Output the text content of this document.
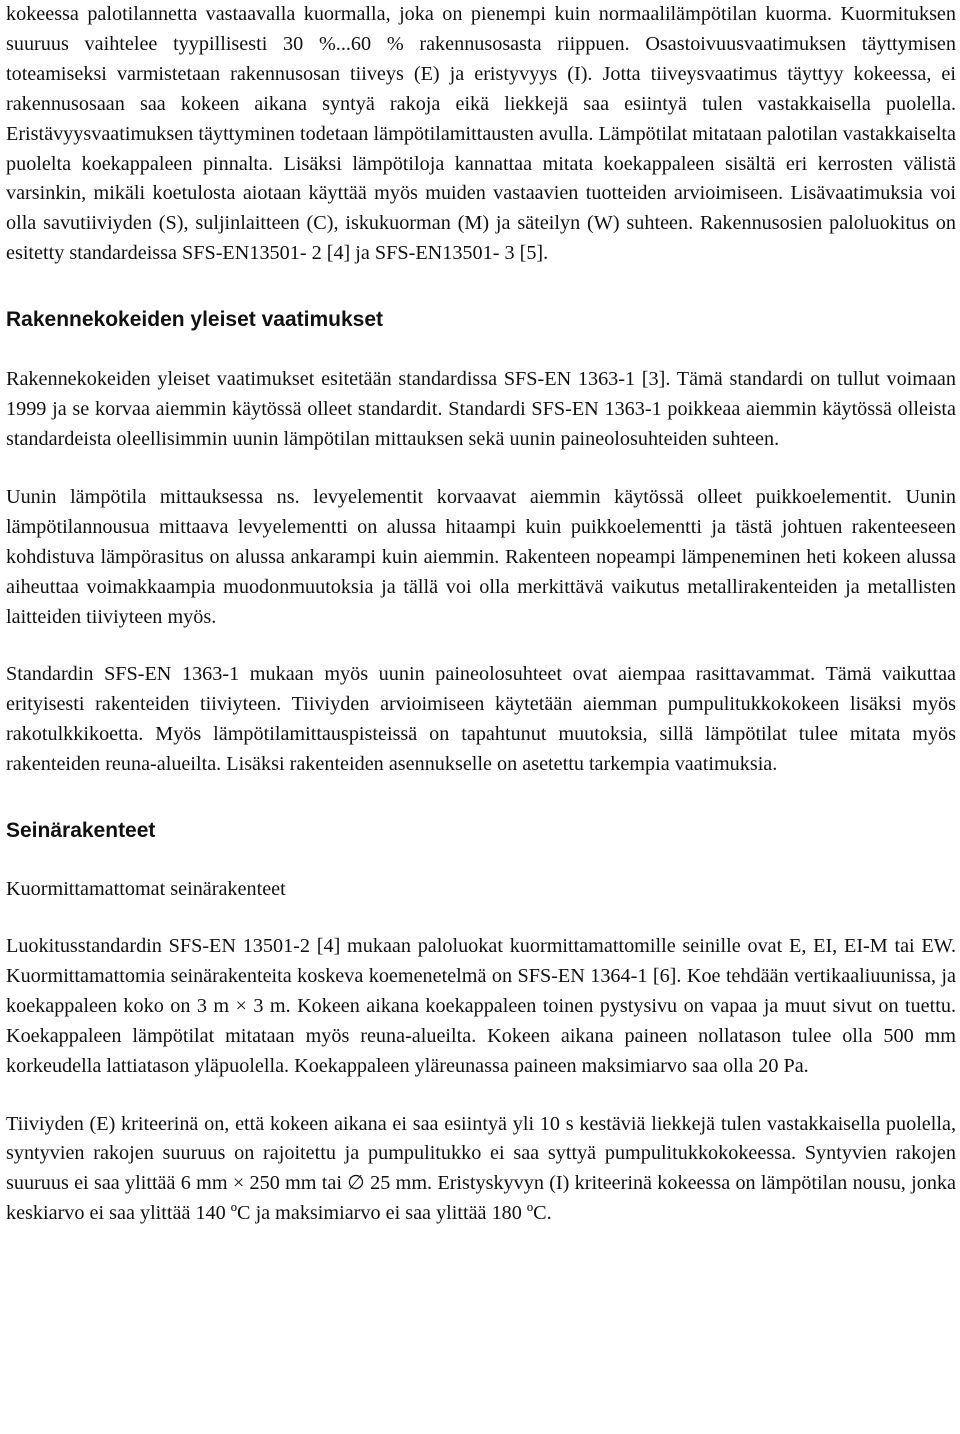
kokeessa palotilannetta vastaavalla kuormalla, joka on pienempi kuin normaalilämpötilan kuorma. Kuormituksen suuruus vaihtelee tyypillisesti 30 %...60 % rakennusosasta riippuen. Osastoivuusvaatimuksen täyttymisen toteamiseksi varmistetaan rakennusosan tiiveys (E) ja eristyvyys (I). Jotta tiiveysvaatimus täyttyy kokeessa, ei rakennusosaan saa kokeen aikana syntyä rakoja eikä liekkejä saa esiintyä tulen vastakkaisella puolella. Eristävyysvaatimuksen täyttyminen todetaan lämpötilamittausten avulla. Lämpötilat mitataan palotilan vastakkaiselta puolelta koekappaleen pinnalta. Lisäksi lämpötiloja kannattaa mitata koekappaleen sisältä eri kerrosten välistä varsinkin, mikäli koetulosta aiotaan käyttää myös muiden vastaavien tuotteiden arvioimiseen. Lisävaatimuksia voi olla savutiiviyden (S), suljinlaitteen (C), iskukuorman (M) ja säteilyn (W) suhteen. Rakennusosien paloluokitus on esitetty standardeissa SFS-EN13501- 2 [4] ja SFS-EN13501- 3 [5].

Rakennekokeiden yleiset vaatimukset

Rakennekokeiden yleiset vaatimukset esitetään standardissa SFS-EN 1363-1 [3]. Tämä standardi on tullut voimaan 1999 ja se korvaa aiemmin käytössä olleet standardit. Standardi SFS-EN 1363-1 poikkeaa aiemmin käytössä olleista standardeista oleellisimmin uunin lämpötilan mittauksen sekä uunin paineolosuhteiden suhteen.

Uunin lämpötila mittauksessa ns. levyelementit korvaavat aiemmin käytössä olleet puikkoelementit. Uunin lämpötilannousua mittaava levyelementti on alussa hitaampi kuin puikkoelementti ja tästä johtuen rakenteeseen kohdistuva lämpörasitus on alussa ankarampi kuin aiemmin. Rakenteen nopeampi lämpeneminen heti kokeen alussa aiheuttaa voimakkaampia muodonmuutoksia ja tällä voi olla merkittävä vaikutus metallirakenteiden ja metallisten laitteiden tiiviyteen myös.

Standardin SFS-EN 1363-1 mukaan myös uunin paineolosuhteet ovat aiempaa rasittavammat. Tämä vaikuttaa erityisesti rakenteiden tiiviyteen. Tiiviyden arvioimiseen käytetään aiemman pumpulitukkokokeen lisäksi myös rakotulkkikoetta. Myös lämpötilamittauspisteissä on tapahtunut muutoksia, sillä lämpötilat tulee mitata myös rakenteiden reuna-alueilta. Lisäksi rakenteiden asennukselle on asetettu tarkempia vaatimuksia.

Seinärakenteet

Kuormittamattomat seinärakenteet

Luokitusstandardin SFS-EN 13501-2 [4] mukaan paloluokat kuormittamattomille seinille ovat E, EI, EI-M tai EW. Kuormittamattomia seinärakenteita koskeva koemenetelmä on SFS-EN 1364-1 [6]. Koe tehdään vertikaaliuunissa, ja koekappaleen koko on 3 m × 3 m. Kokeen aikana koekappaleen toinen pystysivu on vapaa ja muut sivut on tuettu. Koekappaleen lämpötilat mitataan myös reuna-alueilta. Kokeen aikana paineen nollatason tulee olla 500 mm korkeudella lattiatason yläpuolella. Koekappaleen yläreunassa paineen maksimiarvo saa olla 20 Pa.

Tiiviyden (E) kriteerinä on, että kokeen aikana ei saa esiintyä yli 10 s kestäviä liekkejä tulen vastakkaisella puolella, syntyvien rakojen suuruus on rajoitettu ja pumpulitukko ei saa syttyä pumpulitukkokokeessa. Syntyvien rakojen suuruus ei saa ylittää 6 mm × 250 mm tai ∅ 25 mm. Eristyskyvyn (I) kriteerinä kokeessa on lämpötilan nousu, jonka keskiarvo ei saa ylittää 140 ºC ja maksimiarvo ei saa ylittää 180 ºC.
